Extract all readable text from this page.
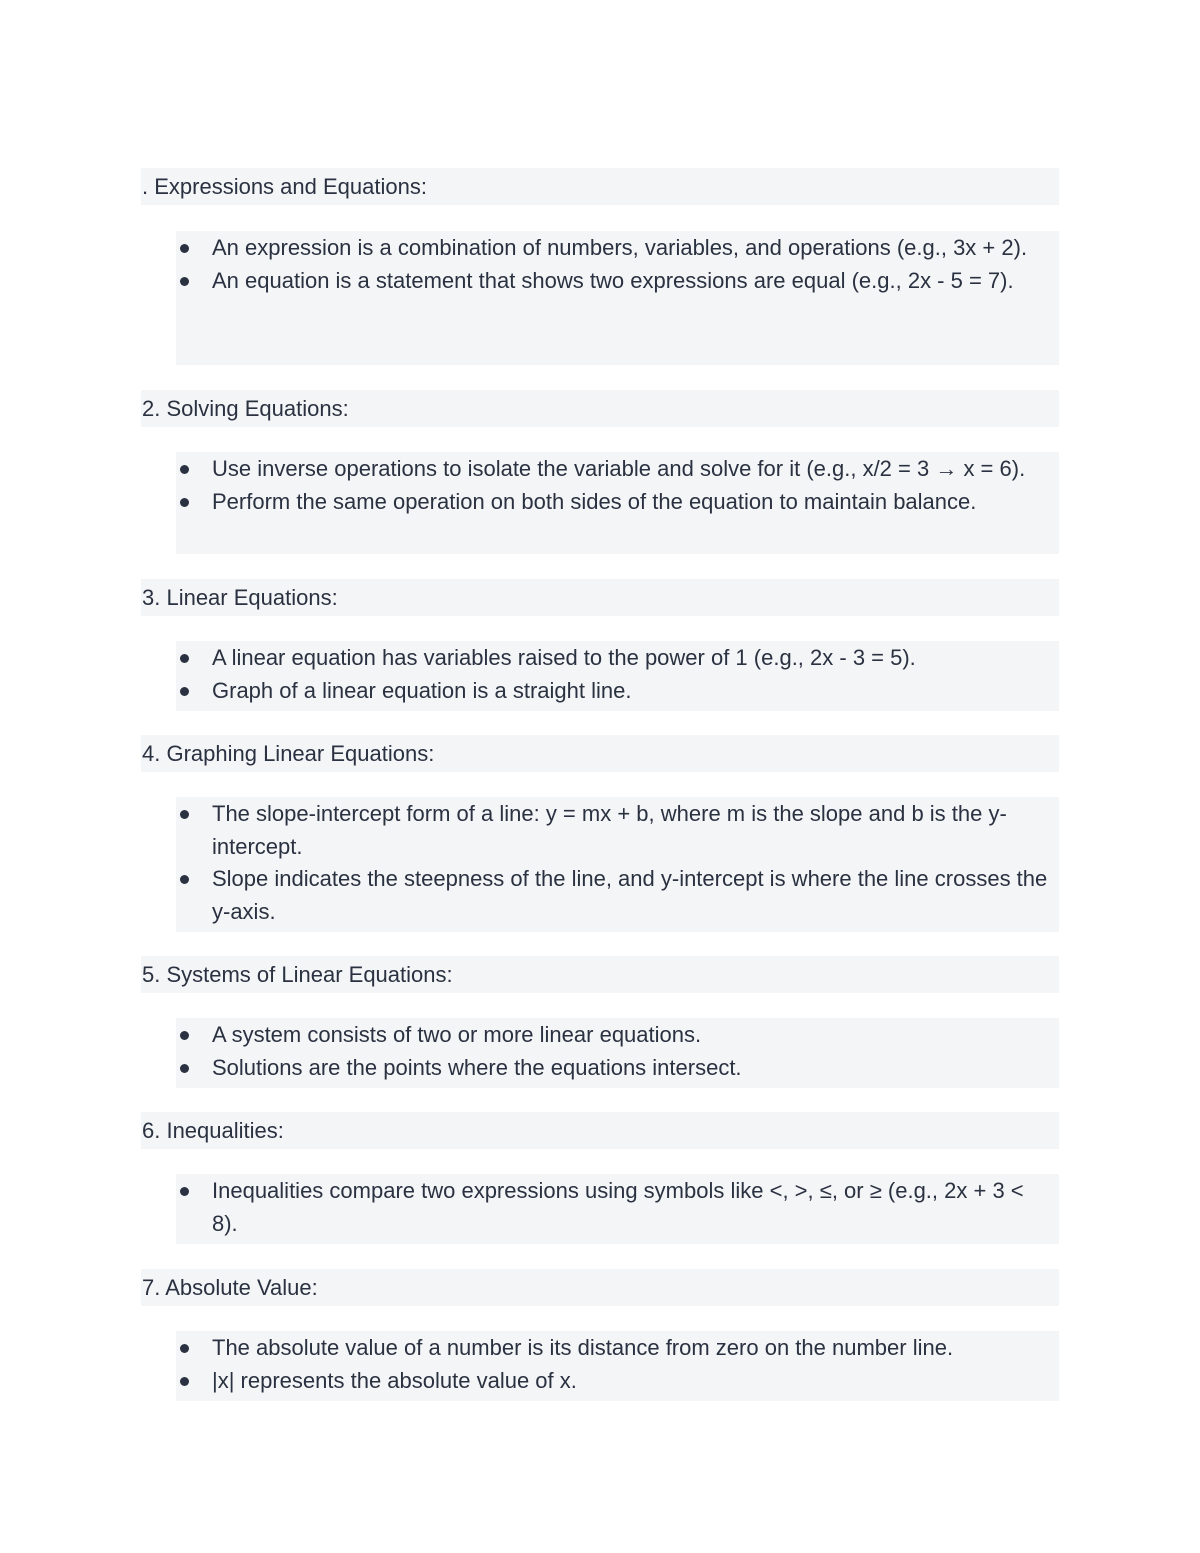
. Expressions and Equations:
An expression is a combination of numbers, variables, and operations (e.g., 3x + 2).
An equation is a statement that shows two expressions are equal (e.g., 2x - 5 = 7).
2. Solving Equations:
Use inverse operations to isolate the variable and solve for it (e.g., x/2 = 3 → x = 6).
Perform the same operation on both sides of the equation to maintain balance.
3. Linear Equations:
A linear equation has variables raised to the power of 1 (e.g., 2x - 3 = 5).
Graph of a linear equation is a straight line.
4. Graphing Linear Equations:
The slope-intercept form of a line: y = mx + b, where m is the slope and b is the y-intercept.
Slope indicates the steepness of the line, and y-intercept is where the line crosses the y-axis.
5. Systems of Linear Equations:
A system consists of two or more linear equations.
Solutions are the points where the equations intersect.
6. Inequalities:
Inequalities compare two expressions using symbols like <, >, ≤, or ≥ (e.g., 2x + 3 < 8).
7. Absolute Value:
The absolute value of a number is its distance from zero on the number line.
|x| represents the absolute value of x.
